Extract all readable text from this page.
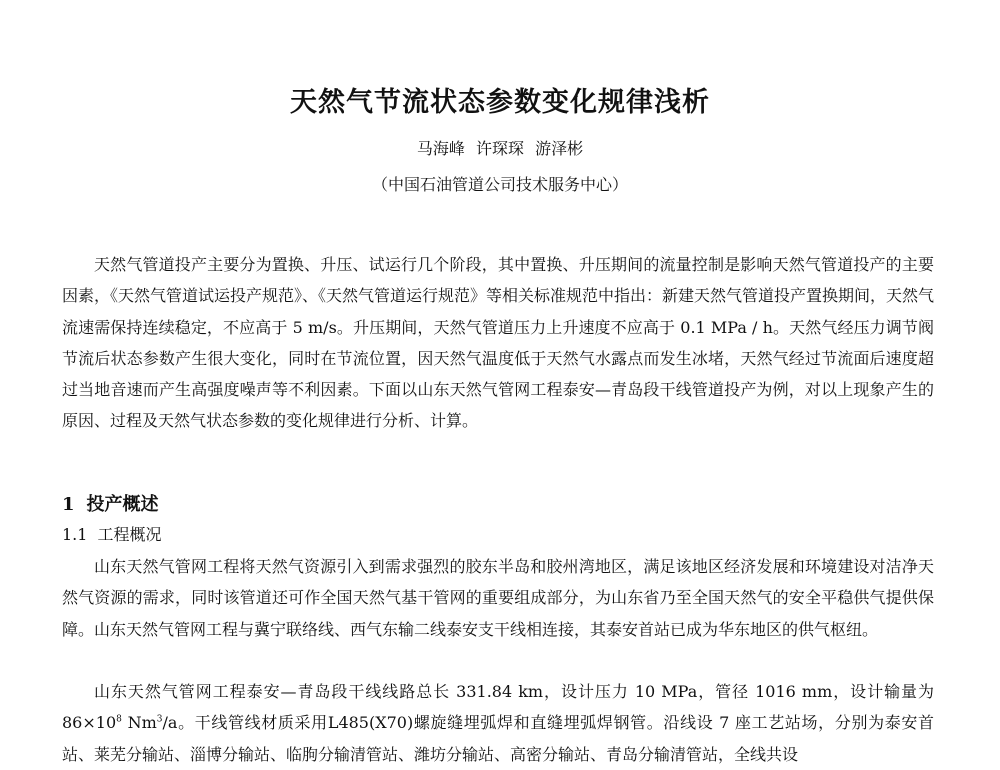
天然气节流状态参数变化规律浅析
马海峰 许琛琛 游泽彬
（中国石油管道公司技术服务中心）

天然气管道投产主要分为置换、升压、试运行几个阶段，其中置换、升压期间的流量控制是影响天然气管道投产的主要因素，《天然气管道试运投产规范》、《天然气管道运行规范》等相关标准规范中指出：新建天然气管道投产置换期间，天然气流速需保持连续稳定，不应高于 5 m/s。升压期间，天然气管道压力上升速度不应高于 0.1 MPa / h。天然气经压力调节阀节流后状态参数产生很大变化，同时在节流位置，因天然气温度低于天然气水露点而发生冰堵，天然气经过节流面后速度超过当地音速而产生高强度噪声等不利因素。下面以山东天然气管网工程泰安—青岛段干线管道投产为例，对以上现象产生的原因、过程及天然气状态参数的变化规律进行分析、计算。

1 投产概述
1.1 工程概况

山东天然气管网工程将天然气资源引入到需求强烈的胶东半岛和胶州湾地区，满足该地区经济发展和环境建设对洁净天然气资源的需求，同时该管道还可作全国天然气基干管网的重要组成部分，为山东省乃至全国天然气的安全平稳供气提供保障。山东天然气管网工程与冀宁联络线、西气东输二线泰安支干线相连接，其泰安首站已成为华东地区的供气枢纽。

山东天然气管网工程泰安—青岛段干线线路总长 331.84 km，设计压力 10 MPa，管径 1016 mm，设计输量为 $86\times 10^8$ Nm$^3$/a。干线管线材质采用L485(X70)螺旋缝埋弧焊和直缝埋弧焊钢管。沿线设 7 座工艺站场，分别为泰安首站、莱芜分输站、淄博分输站、临朐分输清管站、潍坊分输站、高密分输站、青岛分输清管站，全线共设
